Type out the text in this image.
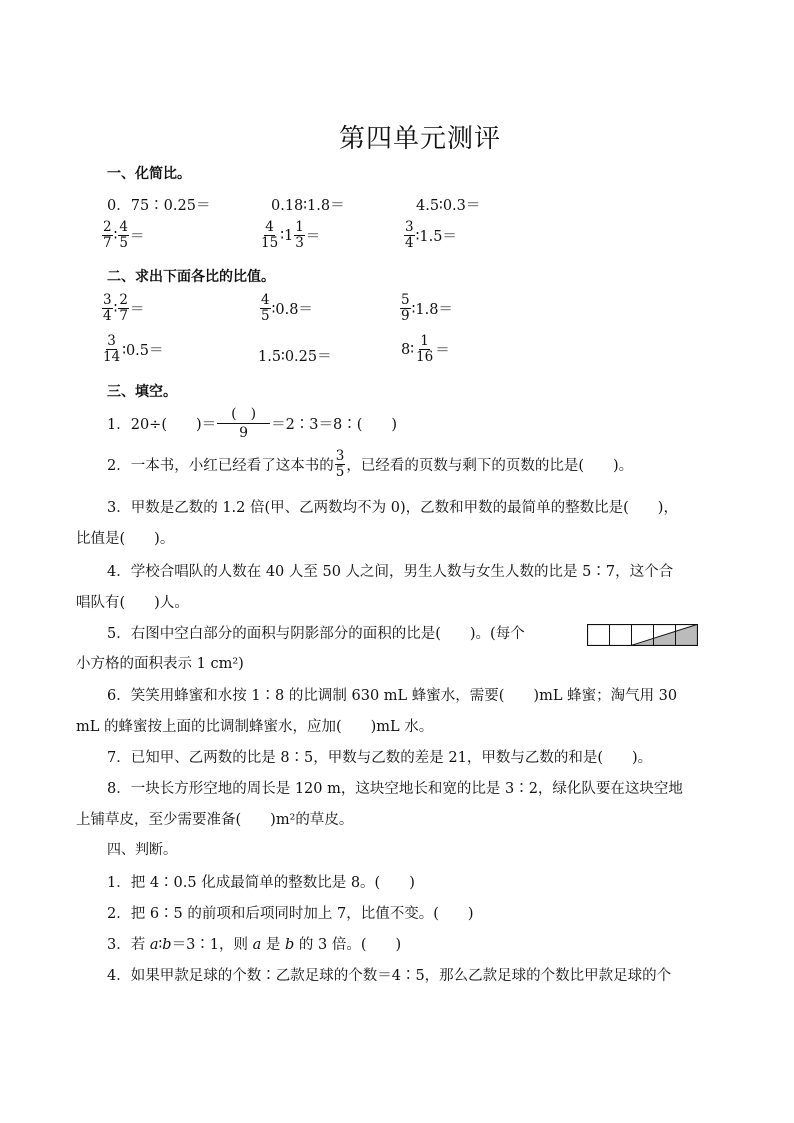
第四单元测评
一、化简比。
0．75∶0.25＝	0.18∶1.8＝	4.5∶0.3＝
$\frac{2}{7}$ ∶ $\frac{4}{5}$ ＝	$\frac{4}{15}$ ∶ $1 \frac{1}{3}$ ＝	$\frac{3}{4}$ ∶1.5＝
二、求出下面各比的比值。
$\frac{3}{4}$ ∶ $\frac{2}{7}$ ＝	$\frac{4}{5}$ ∶0.8＝	$\frac{5}{9}$ ∶1.8＝
$\frac{3}{14}$ ∶0.5＝	1.5∶0.25＝	8∶ $\frac{1}{16}$ ＝
三、填空。
1．20÷(　　)＝ $\frac{( )}{9}$ ＝2∶3＝8∶(　　)
2．一本书，小红已经看了这本书的 $\frac{3}{5}$ ，已经看的页数与剩下的页数的比是(　　)。
3．甲数是乙数的 1.2 倍(甲、乙两数均不为 0)，乙数和甲数的最简单的整数比是(　　)，
比值是(　　)。
4．学校合唱队的人数在 40 人至 50 人之间，男生人数与女生人数的比是 5∶7，这个合
唱队有(　　)人。
5．右图中空白部分的面积与阴影部分的面积的比是(　　)。(每个
小方格的面积表示 1 cm²)
6．笑笑用蜂蜜和水按 1∶8 的比调制 630 mL 蜂蜜水，需要(　　)mL 蜂蜜；淘气用 30
mL 的蜂蜜按上面的比调制蜂蜜水，应加(　　)mL 水。
7．已知甲、乙两数的比是 8∶5，甲数与乙数的差是 21，甲数与乙数的和是(　　)。
8．一块长方形空地的周长是 120 m，这块空地长和宽的比是 3∶2，绿化队要在这块空地
上铺草皮，至少需要准备(　　)m²的草皮。
四、判断。
1．把 4∶0.5 化成最简单的整数比是 8。(　　)
2．把 6∶5 的前项和后项同时加上 7，比值不变。(　　)
3．若 a∶b＝3∶1，则 a 是 b 的 3 倍。(　　)
4．如果甲款足球的个数∶乙款足球的个数＝4∶5，那么乙款足球的个数比甲款足球的个
